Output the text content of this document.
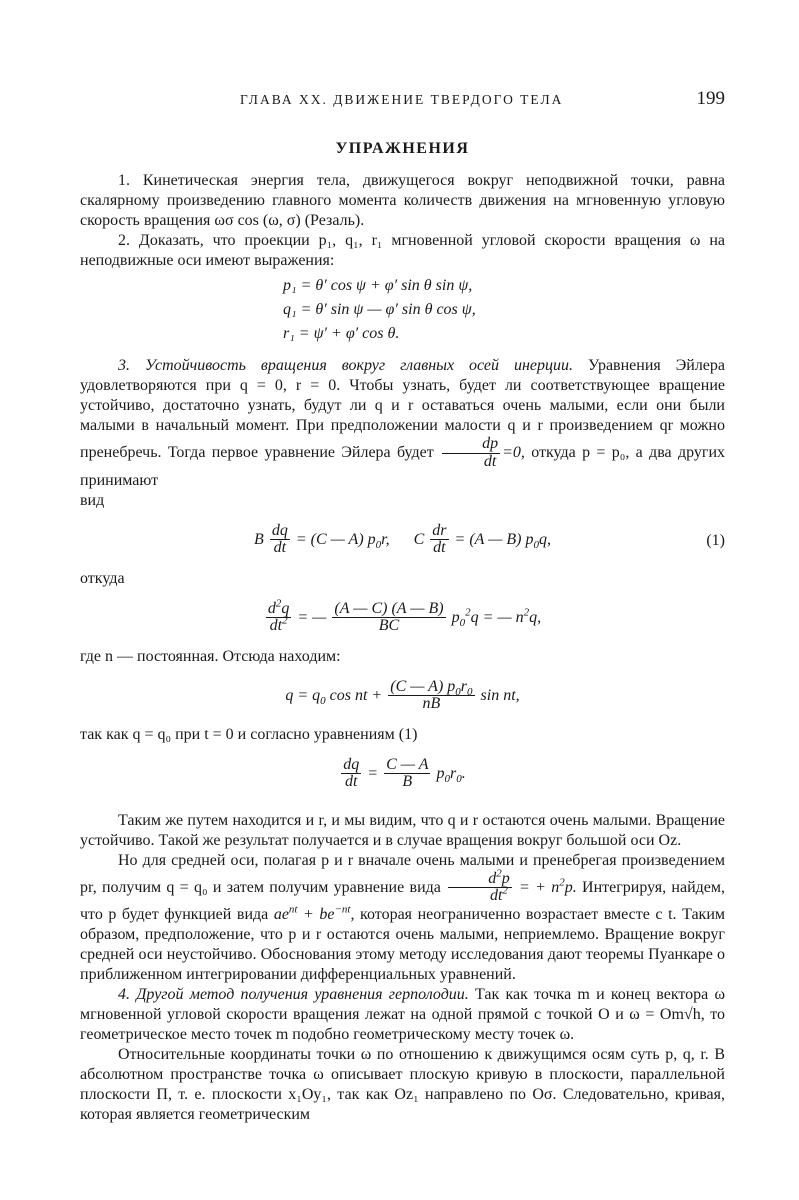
ГЛАВА XX. ДВИЖЕНИЕ ТВЕРДОГО ТЕЛА	199
УПРАЖНЕНИЯ

1. Кинетическая энергия тела, движущегося вокруг неподвижной точки, равна скалярному произведению главного момента количеств движения на мгновенную угловую скорость вращения ωσ cos (ω, σ) (Резаль).

2. Доказать, что проекции p₁, q₁, r₁ мгновенной угловой скорости вращения ω на неподвижные оси имеют выражения:

p₁ = θ′ cos ψ + φ′ sin θ sin ψ,
q₁ = θ′ sin ψ — φ′ sin θ cos ψ,
r₁ = ψ′ + φ′ cos θ.

3. Устойчивость вращения вокруг главных осей инерции. Уравнения Эйлера удовлетворяются при q = 0, r = 0. Чтобы узнать, будет ли соответствующее вращение устойчиво, достаточно узнать, будут ли q и r оставаться очень малыми, если они были малыми в начальный момент. При предположении малости q и r произведением qr можно пренебречь. Тогда первое уравнение Эйлера будет $\frac{dp}{dt} =0$, откуда p = p₀, а два других принимают

вид

B $\frac{dq}{dt} = (C$ — A) $p_0r$,      C $\frac{dr}{dt} = (A$ — B) $p_0q$,	(1)

откуда

$\frac{d^2q}{dt^2}$ = — $\frac{(A — C) (A — B)}{BC} p_0^2q$ = — $n^2q$,

где n — постоянная. Отсюда находим:

$q = q_0$ cos nt + $\frac{(C — A) p_0r_0}{nB}$ sin nt,

так как q = q₀ при t = 0 и согласно уравнениям (1)

$\frac{dq}{dt} = \frac{C — A}{B} p_0r_0$.

Таким же путем находится и r, и мы видим, что q и r остаются очень малыми. Вращение устойчиво. Такой же результат получается и в случае вращения вокруг большой оси Oz.

Но для средней оси, полагая p и r вначале очень малыми и пренебрегая произведением pr, получим q = q₀ и затем получим уравнение вида $\frac{d^2p}{dt^2}$ = + $n^2p$. Интегрируя, найдем, что p будет функцией вида $ae^{nt} + be^{-nt}$, которая неограниченно возрастает вместе с t. Таким образом, предположение, что p и r остаются очень малыми, неприемлемо. Вращение вокруг средней оси неустойчиво. Обоснования этому методу исследования дают теоремы Пуанкаре о приближенном интегрировании дифференциальных уравнений.

4. Другой метод получения уравнения герполодии. Так как точка m и конец вектора ω мгновенной угловой скорости вращения лежат на одной прямой с точкой O и ω = Om√h, то геометрическое место точек m подобно геометрическому месту точек ω.

Относительные координаты точки ω по отношению к движущимся осям суть p, q, r. В абсолютном пространстве точка ω описывает плоскую кривую в плоскости, параллельной плоскости Π, т. е. плоскости x₁Oy₁, так как Oz₁ направлено по Oσ. Следовательно, кривая, которая является геометрическим
